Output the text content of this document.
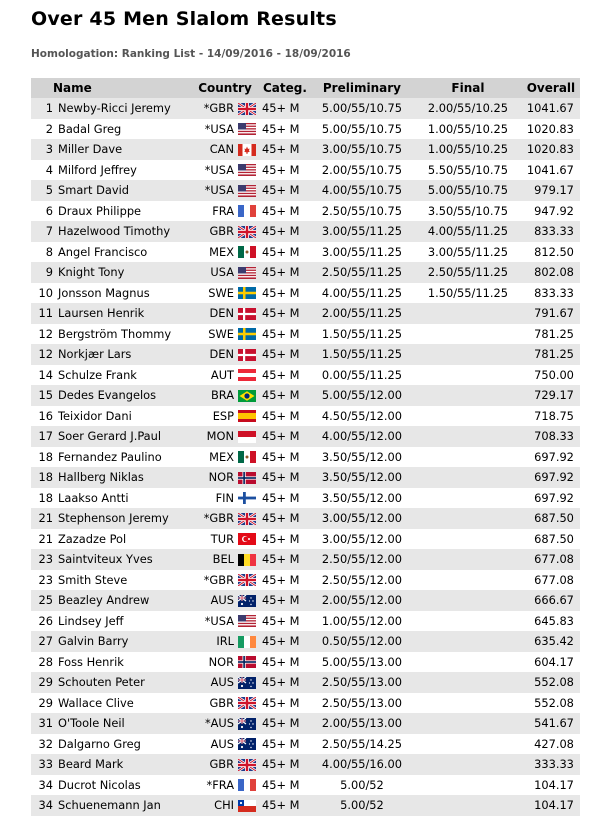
Over 45 Men Slalom Results
Homologation: Ranking List - 14/09/2016 - 18/09/2016
Name		Country		Categ.	Preliminary	Final	Overall
1	Newby-Ricci Jeremy	*GBR		45+ M	5.00/55/10.75	2.00/55/10.25	1041.67
2	Badal Greg	*USA		45+ M	5.00/55/10.75	1.00/55/10.25	1020.83
3	Miller Dave	CAN		45+ M	3.00/55/10.75	1.00/55/10.25	1020.83
4	Milford Jeffrey	*USA		45+ M	2.00/55/10.75	5.50/55/10.75	1041.67
5	Smart David	*USA		45+ M	4.00/55/10.75	5.00/55/10.75	979.17
6	Draux Philippe	FRA		45+ M	2.50/55/10.75	3.50/55/10.75	947.92
7	Hazelwood Timothy	GBR		45+ M	3.00/55/11.25	4.00/55/11.25	833.33
8	Angel Francisco	MEX		45+ M	3.00/55/11.25	3.00/55/11.25	812.50
9	Knight Tony	USA		45+ M	2.50/55/11.25	2.50/55/11.25	802.08
10	Jonsson Magnus	SWE		45+ M	4.00/55/11.25	1.50/55/11.25	833.33
11	Laursen Henrik	DEN		45+ M	2.00/55/11.25		791.67
12	Bergström Thommy	SWE		45+ M	1.50/55/11.25		781.25
12	Norkjær Lars	DEN		45+ M	1.50/55/11.25		781.25
14	Schulze Frank	AUT		45+ M	0.00/55/11.25		750.00
15	Dedes Evangelos	BRA		45+ M	5.00/55/12.00		729.17
16	Teixidor Dani	ESP		45+ M	4.50/55/12.00		718.75
17	Soer Gerard J.Paul	MON		45+ M	4.00/55/12.00		708.33
18	Fernandez Paulino	MEX		45+ M	3.50/55/12.00		697.92
18	Hallberg Niklas	NOR		45+ M	3.50/55/12.00		697.92
18	Laakso Antti	FIN		45+ M	3.50/55/12.00		697.92
21	Stephenson Jeremy	*GBR		45+ M	3.00/55/12.00		687.50
21	Zazadze Pol	TUR		45+ M	3.00/55/12.00		687.50
23	Saintviteux Yves	BEL		45+ M	2.50/55/12.00		677.08
23	Smith Steve	*GBR		45+ M	2.50/55/12.00		677.08
25	Beazley Andrew	AUS		45+ M	2.00/55/12.00		666.67
26	Lindsey Jeff	*USA		45+ M	1.00/55/12.00		645.83
27	Galvin Barry	IRL		45+ M	0.50/55/12.00		635.42
28	Foss Henrik	NOR		45+ M	5.00/55/13.00		604.17
29	Schouten Peter	AUS		45+ M	2.50/55/13.00		552.08
29	Wallace Clive	GBR		45+ M	2.50/55/13.00		552.08
31	O'Toole Neil	*AUS		45+ M	2.00/55/13.00		541.67
32	Dalgarno Greg	AUS		45+ M	2.50/55/14.25		427.08
33	Beard Mark	GBR		45+ M	4.00/55/16.00		333.33
34	Ducrot Nicolas	*FRA		45+ M	5.00/52		104.17
34	Schuenemann Jan	CHI		45+ M	5.00/52		104.17
